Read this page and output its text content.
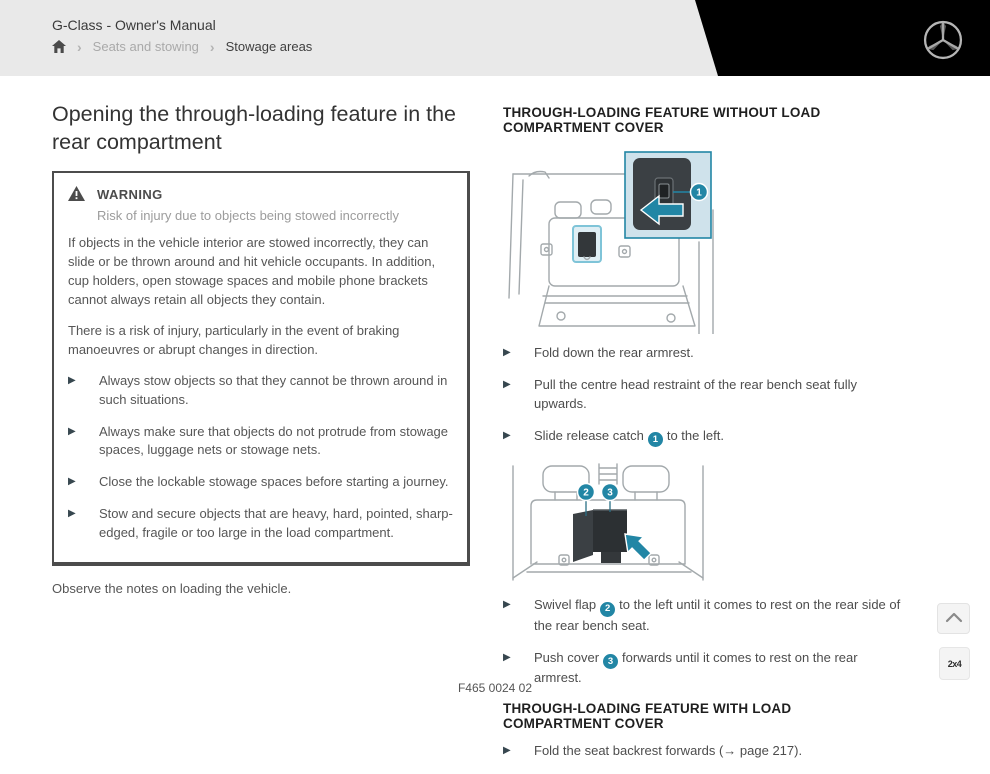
G-Class - Owner's Manual
› Seats and stowing › Stowage areas
Opening the through-loading feature in the rear compartment
WARNING
Risk of injury due to objects being stowed incorrectly

If objects in the vehicle interior are stowed incorrectly, they can slide or be thrown around and hit vehicle occupants. In addition, cup holders, open stowage spaces and mobile phone brackets cannot always retain all objects they contain.

There is a risk of injury, particularly in the event of braking manoeuvres or abrupt changes in direction.

▶
Always stow objects so that they cannot be thrown around in such situations.
▶
Always make sure that objects do not protrude from stowage spaces, luggage nets or stowage nets.
▶
Close the lockable stowage spaces before starting a journey.
▶
Stow and secure objects that are heavy, hard, pointed, sharp-edged, fragile or too large in the load compartment.

Observe the notes on loading the vehicle.

THROUGH-LOADING FEATURE WITHOUT LOAD COMPARTMENT COVER
1
▶
Fold down the rear armrest.
▶
Pull the centre head restraint of the rear bench seat fully upwards.
▶
Slide release catch 1 to the left.
2 3
▶
Swivel flap 2 to the left until it comes to rest on the rear side of the rear bench seat.
▶
Push cover 3 forwards until it comes to rest on the rear armrest.
THROUGH-LOADING FEATURE WITH LOAD COMPARTMENT COVER
▶
Fold the seat backrest forwards (→ page 217).
2x4
F465 0024 02
